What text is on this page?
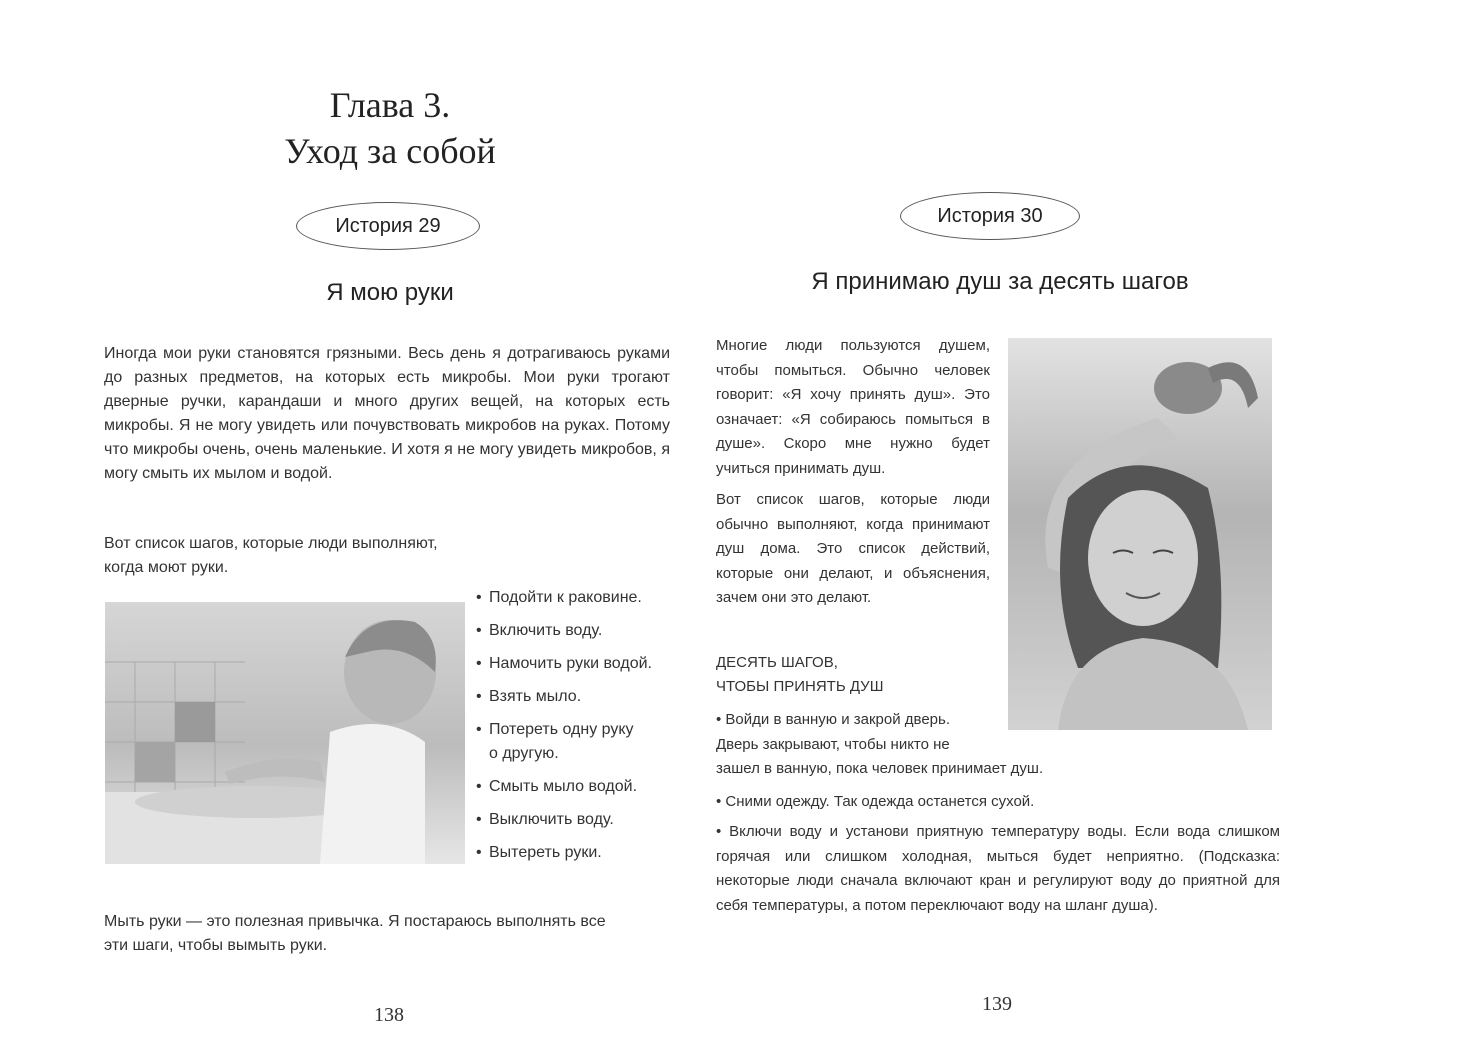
Глава 3.
Уход за собой
История 29
Я мою руки
Иногда мои руки становятся грязными. Весь день я дотрагиваюсь руками до разных предметов, на которых есть микробы. Мои руки трогают дверные ручки, карандаши и много других вещей, на которых есть микробы. Я не могу увидеть или почувствовать микробов на руках. Потому что микробы очень, очень маленькие. И хотя я не могу увидеть микробов, я могу смыть их мылом и водой.
Вот список шагов, которые люди выполняют,
когда моют руки.
• Подойти к раковине.
• Включить воду.
• Намочить руки водой.
• Взять мыло.
• Потереть одну руку
о другую.
• Смыть мыло водой.
• Выключить воду.
• Вытереть руки.
Мыть руки — это полезная привычка. Я постараюсь выполнять все
эти шаги, чтобы вымыть руки.
138
История 30
Я принимаю душ за десять шагов
Многие люди пользуются душем, чтобы помыться. Обычно человек говорит: «Я хочу принять душ». Это означает: «Я собираюсь помыться в душе». Скоро мне нужно будет учиться принимать душ.
Вот список шагов, которые люди обычно выполняют, когда принимают душ дома. Это список действий, которые они делают, и объяснения, зачем они это делают.
ДЕСЯТЬ ШАГОВ,
ЧТОБЫ ПРИНЯТЬ ДУШ
• Войди в ванную и закрой дверь.
Дверь закрывают, чтобы никто не
зашел в ванную, пока человек принимает душ.
• Сними одежду. Так одежда останется сухой.
• Включи воду и установи приятную температуру воды. Если вода слишком горячая или слишком холодная, мыться будет неприятно. (Подсказка: некоторые люди сначала включают кран и регулируют воду до приятной для себя температуры, а потом переключают воду на шланг душа).
139
